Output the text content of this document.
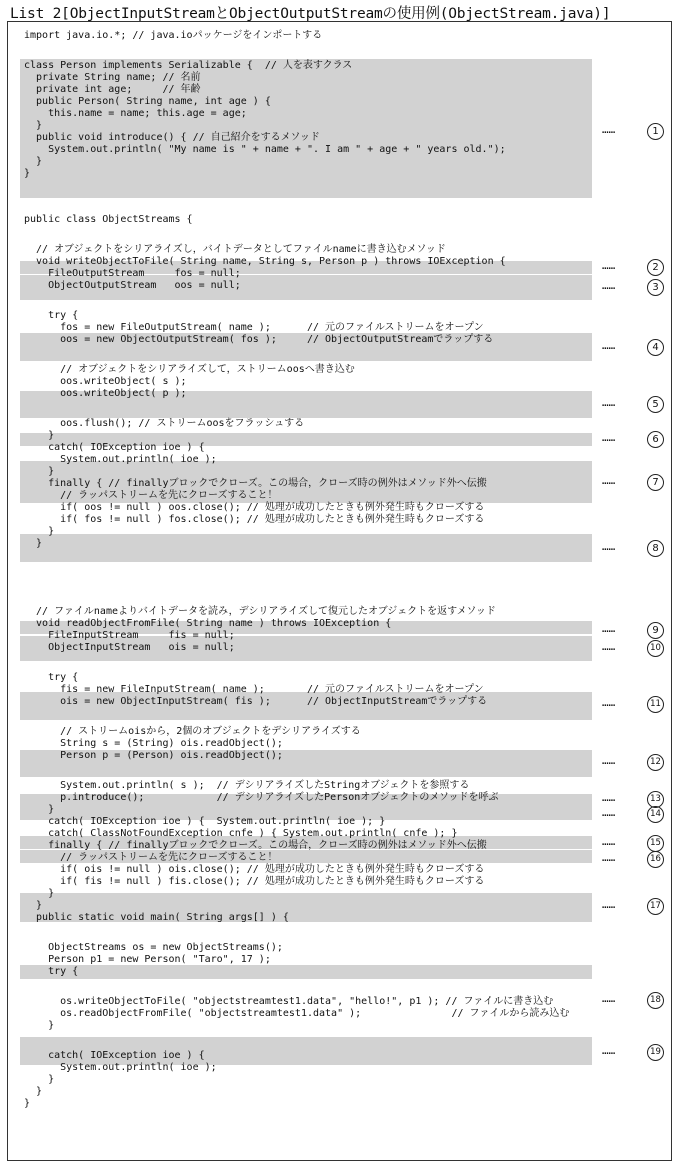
List 2[ObjectInputStreamとObjectOutputStreamの使用例(ObjectStream.java)]
import java.io.*; // java.ioパッケージをインポートする
class Person implements Serializable {  // 人を表すクラス
private String name; // 名前
private int age;     // 年齢
public Person( String name, int age ) {
this.name = name; this.age = age;
}
public void introduce() { // 自己紹介をするメソッド
System.out.println( "My name is " + name + ". I am " + age + " years old.");
}
}
public class ObjectStreams {
// オブジェクトをシリアライズし，バイトデータとしてファイルnameに書き込むメソッド
void writeObjectToFile( String name, String s, Person p ) throws IOException {
FileOutputStream     fos = null;
ObjectOutputStream   oos = null;
try {
fos = new FileOutputStream( name );      // 元のファイルストリームをオープン
oos = new ObjectOutputStream( fos );     // ObjectOutputStreamでラップする
// オブジェクトをシリアライズして，ストリームoosへ書き込む
oos.writeObject( s );
oos.writeObject( p );
oos.flush(); // ストリームoosをフラッシュする
}
catch( IOException ioe ) {
System.out.println( ioe );
}
finally { // finallyブロックでクローズ。この場合，クローズ時の例外はメソッド外へ伝搬
// ラッパストリームを先にクローズすること！
if( oos != null ) oos.close(); // 処理が成功したときも例外発生時もクローズする
if( fos != null ) fos.close(); // 処理が成功したときも例外発生時もクローズする
}
}
// ファイルnameよりバイトデータを読み，デシリアライズして復元したオブジェクトを返すメソッド
void readObjectFromFile( String name ) throws IOException {
FileInputStream     fis = null;
ObjectInputStream   ois = null;
try {
fis = new FileInputStream( name );       // 元のファイルストリームをオープン
ois = new ObjectInputStream( fis );      // ObjectInputStreamでラップする
// ストリームoisから，2個のオブジェクトをデシリアライズする
String s = (String) ois.readObject();
Person p = (Person) ois.readObject();
System.out.println( s );  // デシリアライズしたStringオブジェクトを参照する
p.introduce();            // デシリアライズしたPersonオブジェクトのメソッドを呼ぶ
}
catch( IOException ioe ) {  System.out.println( ioe ); }
catch( ClassNotFoundException cnfe ) { System.out.println( cnfe ); }
finally { // finallyブロックでクローズ。この場合，クローズ時の例外はメソッド外へ伝搬
// ラッパストリームを先にクローズすること！
if( ois != null ) ois.close(); // 処理が成功したときも例外発生時もクローズする
if( fis != null ) fis.close(); // 処理が成功したときも例外発生時もクローズする
}
}
public static void main( String args[] ) {
ObjectStreams os = new ObjectStreams();
Person p1 = new Person( "Taro", 17 );
try {
os.writeObjectToFile( "objectstreamtest1.data", "hello!", p1 ); // ファイルに書き込む
os.readObjectFromFile( "objectstreamtest1.data" );               // ファイルから読み込む
}
catch( IOException ioe ) {
System.out.println( ioe );
}
}
}
……	1
……	2
……	3
……	4
……	5
……	6
……	7
……	8
……	9
……	10
……	11
……	12
……	13
……	14
……	15
……	16
……	17
……	18
……	19
